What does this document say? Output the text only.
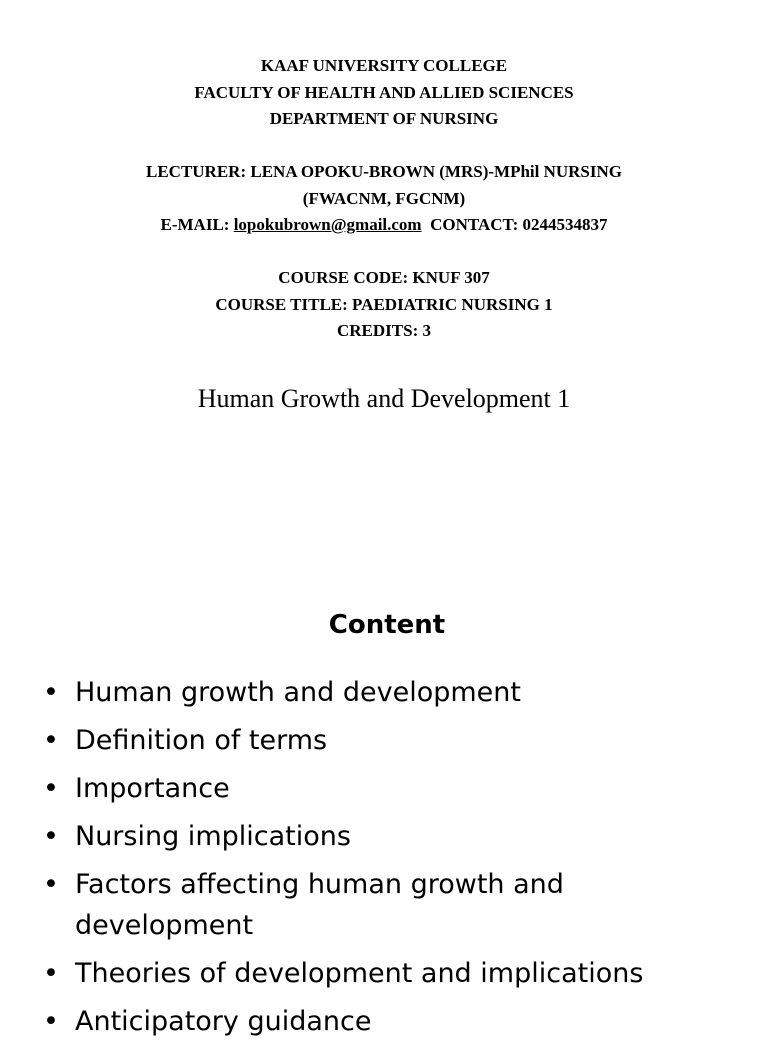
KAAF UNIVERSITY COLLEGE
FACULTY OF HEALTH AND ALLIED SCIENCES
DEPARTMENT OF NURSING
LECTURER: LENA OPOKU-BROWN (MRS)-MPhil NURSING
(FWACNM, FGCNM)
E-MAIL: lopokubrown@gmail.com CONTACT: 0244534837
COURSE CODE: KNUF 307
COURSE TITLE: PAEDIATRIC NURSING 1
CREDITS: 3
Human Growth and Development 1
Content
• Human growth and development
• Definition of terms
• Importance
• Nursing implications
• Factors affecting human growth and development
• Theories of development and implications
• Anticipatory guidance
